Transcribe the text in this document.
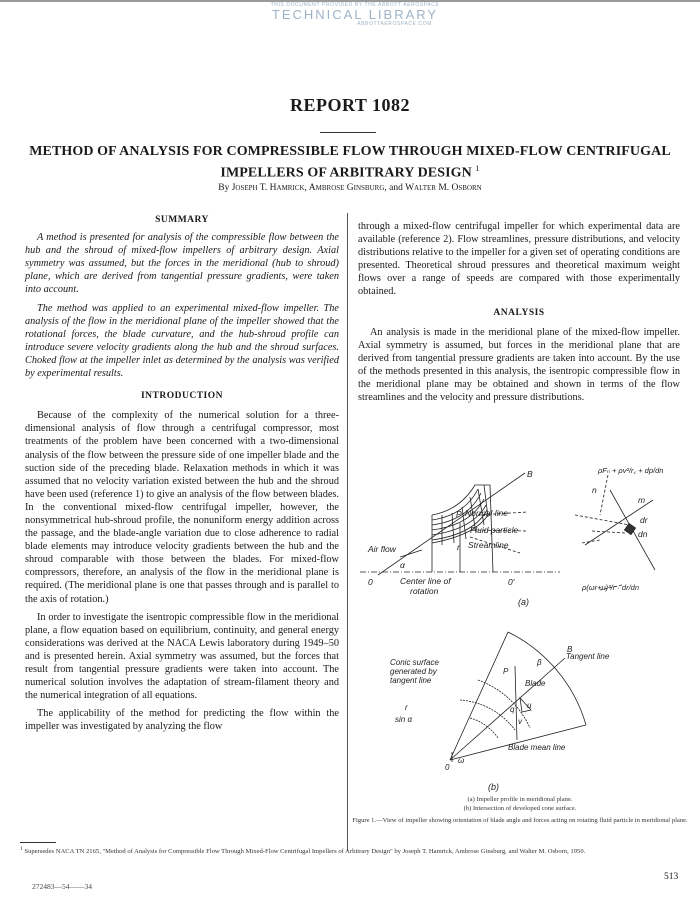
THIS DOCUMENT PROVIDED BY THE ABBOTT AEROSPACE
TECHNICAL LIBRARY
ABBOTTAEROSPACE.COM
REPORT 1082
METHOD OF ANALYSIS FOR COMPRESSIBLE FLOW THROUGH MIXED-FLOW CENTRIFUGAL
IMPELLERS OF ARBITRARY DESIGN $^1$
By Joseph T. Hamrick, Ambrose Ginsburg, and Walter M. Osborn
SUMMARY

A method is presented for analysis of the compressible flow between the hub and the shroud of mixed-flow impellers of arbitrary design. Axial symmetry was assumed, but the forces in the meridional (hub to shroud) plane, which are derived from tangential pressure gradients, were taken into account.

The method was applied to an experimental mixed-flow impeller. The analysis of the flow in the meridional plane of the impeller showed that the rotational forces, the blade curvature, and the hub-shroud profile can introduce severe velocity gradients along the hub and the shroud surfaces. Choked flow at the impeller inlet as determined by the analysis was verified by experimental results.

INTRODUCTION

Because of the complexity of the numerical solution for a three-dimensional analysis of flow through a centrifugal compressor, most treatments of the problem have been concerned with a two-dimensional analysis of the flow between the pressure side of one impeller blade and the suction side of the preceding blade. Relaxation methods in which it was assumed that no velocity variation existed between the hub and the shroud have been used (reference 1) to give an analysis of the flow between blades. In the conventional mixed-flow centrifugal impeller, however, the nonsymmetrical hub-shroud profile, the nonuniform energy addition across the passage, and the blade-angle variation due to close adherence to radial blade elements may introduce velocity gradients between the hub and the shroud comparable with those between the blades. For mixed-flow compressors, therefore, an analysis of the flow in the meridional plane is required. (The meridional plane is one that passes through and is parallel to the axis of rotation.)

In order to investigate the isentropic compressible flow in the meridional plane, a flow equation based on equilibrium, continuity, and general energy considerations was derived at the NACA Lewis laboratory during 1949–50 and is presented herein. Axial symmetry was assumed, but the forces that result from tangential pressure gradients were taken into account. The numerical solution involves the adaptation of stream-filament theory and the numerical integration of all equations.

The applicability of the method for predicting the flow within the impeller was investigated by analyzing the flow

through a mixed-flow centrifugal impeller for which experimental data are available (reference 2). Flow streamlines, pressure distributions, and velocity distributions relative to the impeller for a given set of operating conditions are presented. Theoretical shroud pressures and theoretical maximum weight flows over a range of speeds are compared with those experimentally obtained.

ANALYSIS

An analysis is made in the meridional plane of the mixed-flow impeller. Axial symmetry is assumed, but forces in the meridional plane that are derived from tangential pressure gradients are taken into account. By the use of the methods presented in this analysis, the isentropic compressible flow in the meridional plane may be obtained and shown in terms of the flow streamlines and the velocity and pressure distributions.

Air flow
Normal line
Fluid particle
Streamline
Center line of
rotation
0	0'
B
P
r
α
n
m
dr
dn
ρFₙ + ρv²/r꜀ + dp/dn
ρ(ωr+u)²/r · dr/dn
(a)
Conic surface
generated by
tangent line
Tangent line
Blade
Blade mean line
r
sin α
0
B
P
β
u
q
v
ω
(b)
(a) Impeller profile in meridional plane.
(b) Intersection of developed cone surface.
Figure 1.—View of impeller showing orientation of blade angle and forces acting on rotating fluid particle in meridional plane.
$^1$ Supersedes NACA TN 2165, "Method of Analysis for Compressible Flow Through Mixed-Flow Centrifugal Impellers of Arbitrary Design" by Joseph T. Hamrick, Ambrose Ginsburg, and Walter M. Osborn, 1950.
513
272483—54——34
